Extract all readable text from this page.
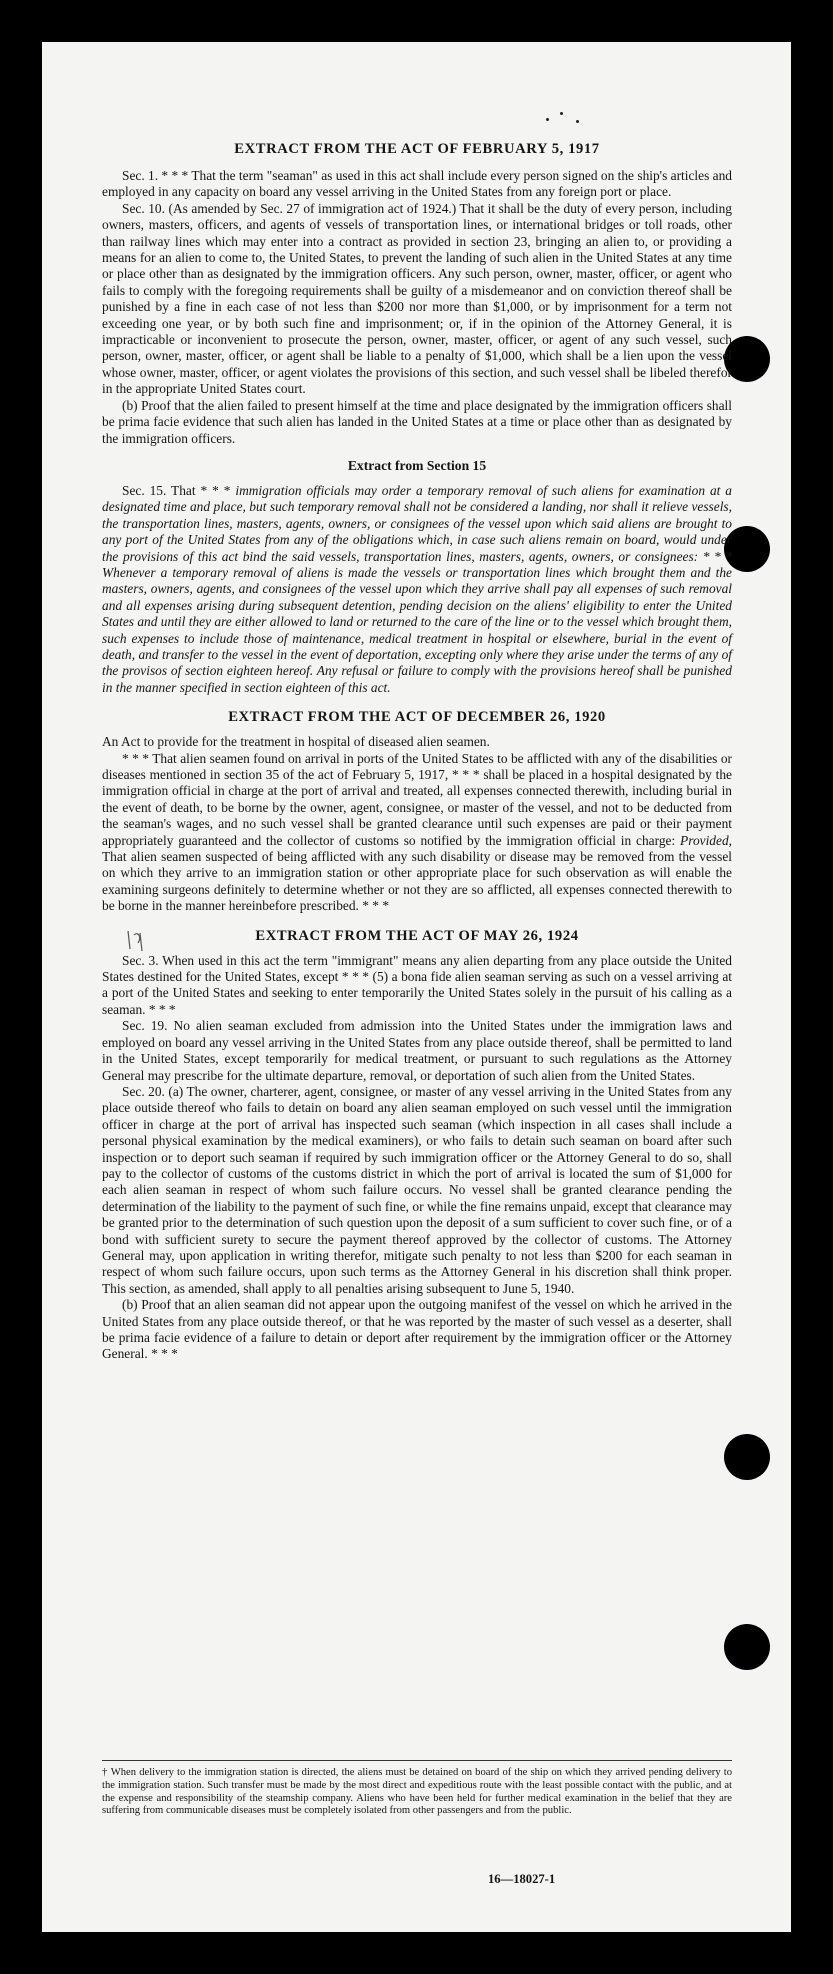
EXTRACT FROM THE ACT OF FEBRUARY 5, 1917

Sec. 1. * * * That the term "seaman" as used in this act shall include every person signed on the ship's articles and employed in any capacity on board any vessel arriving in the United States from any foreign port or place.

Sec. 10. (As amended by Sec. 27 of immigration act of 1924.) That it shall be the duty of every person, including owners, masters, officers, and agents of vessels of transportation lines, or international bridges or toll roads, other than railway lines which may enter into a contract as provided in section 23, bringing an alien to, or providing a means for an alien to come to, the United States, to prevent the landing of such alien in the United States at any time or place other than as designated by the immigration officers. Any such person, owner, master, officer, or agent who fails to comply with the foregoing requirements shall be guilty of a misdemeanor and on conviction thereof shall be punished by a fine in each case of not less than $200 nor more than $1,000, or by imprisonment for a term not exceeding one year, or by both such fine and imprisonment; or, if in the opinion of the Attorney General, it is impracticable or inconvenient to prosecute the person, owner, master, officer, or agent of any such vessel, such person, owner, master, officer, or agent shall be liable to a penalty of $1,000, which shall be a lien upon the vessel whose owner, master, officer, or agent violates the provisions of this section, and such vessel shall be libeled therefor in the appropriate United States court.

(b) Proof that the alien failed to present himself at the time and place designated by the immigration officers shall be prima facie evidence that such alien has landed in the United States at a time or place other than as designated by the immigration officers.

Extract from Section 15

Sec. 15. That * * * immigration officials may order a temporary removal of such aliens for examination at a designated time and place, but such temporary removal shall not be considered a landing, nor shall it relieve vessels, the transportation lines, masters, agents, owners, or consignees of the vessel upon which said aliens are brought to any port of the United States from any of the obligations which, in case such aliens remain on board, would under the provisions of this act bind the said vessels, transportation lines, masters, agents, owners, or consignees: * * * Whenever a temporary removal of aliens is made the vessels or transportation lines which brought them and the masters, owners, agents, and consignees of the vessel upon which they arrive shall pay all expenses of such removal and all expenses arising during subsequent detention, pending decision on the aliens' eligibility to enter the United States and until they are either allowed to land or returned to the care of the line or to the vessel which brought them, such expenses to include those of maintenance, medical treatment in hospital or elsewhere, burial in the event of death, and transfer to the vessel in the event of deportation, excepting only where they arise under the terms of any of the provisos of section eighteen hereof. Any refusal or failure to comply with the provisions hereof shall be punished in the manner specified in section eighteen of this act.

EXTRACT FROM THE ACT OF DECEMBER 26, 1920

An Act to provide for the treatment in hospital of diseased alien seamen.

* * * That alien seamen found on arrival in ports of the United States to be afflicted with any of the disabilities or diseases mentioned in section 35 of the act of February 5, 1917, * * * shall be placed in a hospital designated by the immigration official in charge at the port of arrival and treated, all expenses connected therewith, including burial in the event of death, to be borne by the owner, agent, consignee, or master of the vessel, and not to be deducted from the seaman's wages, and no such vessel shall be granted clearance until such expenses are paid or their payment appropriately guaranteed and the collector of customs so notified by the immigration official in charge: Provided, That alien seamen suspected of being afflicted with any such disability or disease may be removed from the vessel on which they arrive to an immigration station or other appropriate place for such observation as will enable the examining surgeons definitely to determine whether or not they are so afflicted, all expenses connected therewith to be borne in the manner hereinbefore prescribed. * * *

EXTRACT FROM THE ACT OF MAY 26, 1924

Sec. 3. When used in this act the term "immigrant" means any alien departing from any place outside the United States destined for the United States, except * * * (5) a bona fide alien seaman serving as such on a vessel arriving at a port of the United States and seeking to enter temporarily the United States solely in the pursuit of his calling as a seaman. * * *

Sec. 19. No alien seaman excluded from admission into the United States under the immigration laws and employed on board any vessel arriving in the United States from any place outside thereof, shall be permitted to land in the United States, except temporarily for medical treatment, or pursuant to such regulations as the Attorney General may prescribe for the ultimate departure, removal, or deportation of such alien from the United States.

Sec. 20. (a) The owner, charterer, agent, consignee, or master of any vessel arriving in the United States from any place outside thereof who fails to detain on board any alien seaman employed on such vessel until the immigration officer in charge at the port of arrival has inspected such seaman (which inspection in all cases shall include a personal physical examination by the medical examiners), or who fails to detain such seaman on board after such inspection or to deport such seaman if required by such immigration officer or the Attorney General to do so, shall pay to the collector of customs of the customs district in which the port of arrival is located the sum of $1,000 for each alien seaman in respect of whom such failure occurs. No vessel shall be granted clearance pending the determination of the liability to the payment of such fine, or while the fine remains unpaid, except that clearance may be granted prior to the determination of such question upon the deposit of a sum sufficient to cover such fine, or of a bond with sufficient surety to secure the payment thereof approved by the collector of customs. The Attorney General may, upon application in writing therefor, mitigate such penalty to not less than $200 for each seaman in respect of whom such failure occurs, upon such terms as the Attorney General in his discretion shall think proper. This section, as amended, shall apply to all penalties arising subsequent to June 5, 1940.

(b) Proof that an alien seaman did not appear upon the outgoing manifest of the vessel on which he arrived in the United States from any place outside thereof, or that he was reported by the master of such vessel as a deserter, shall be prima facie evidence of a failure to detain or deport after requirement by the immigration officer or the Attorney General. * * *

† When delivery to the immigration station is directed, the aliens must be detained on board of the ship on which they arrived pending delivery to the immigration station. Such transfer must be made by the most direct and expeditious route with the least possible contact with the public, and at the expense and responsibility of the steamship company. Aliens who have been held for further medical examination in the belief that they are suffering from communicable diseases must be completely isolated from other passengers and from the public.
16—18027-1
